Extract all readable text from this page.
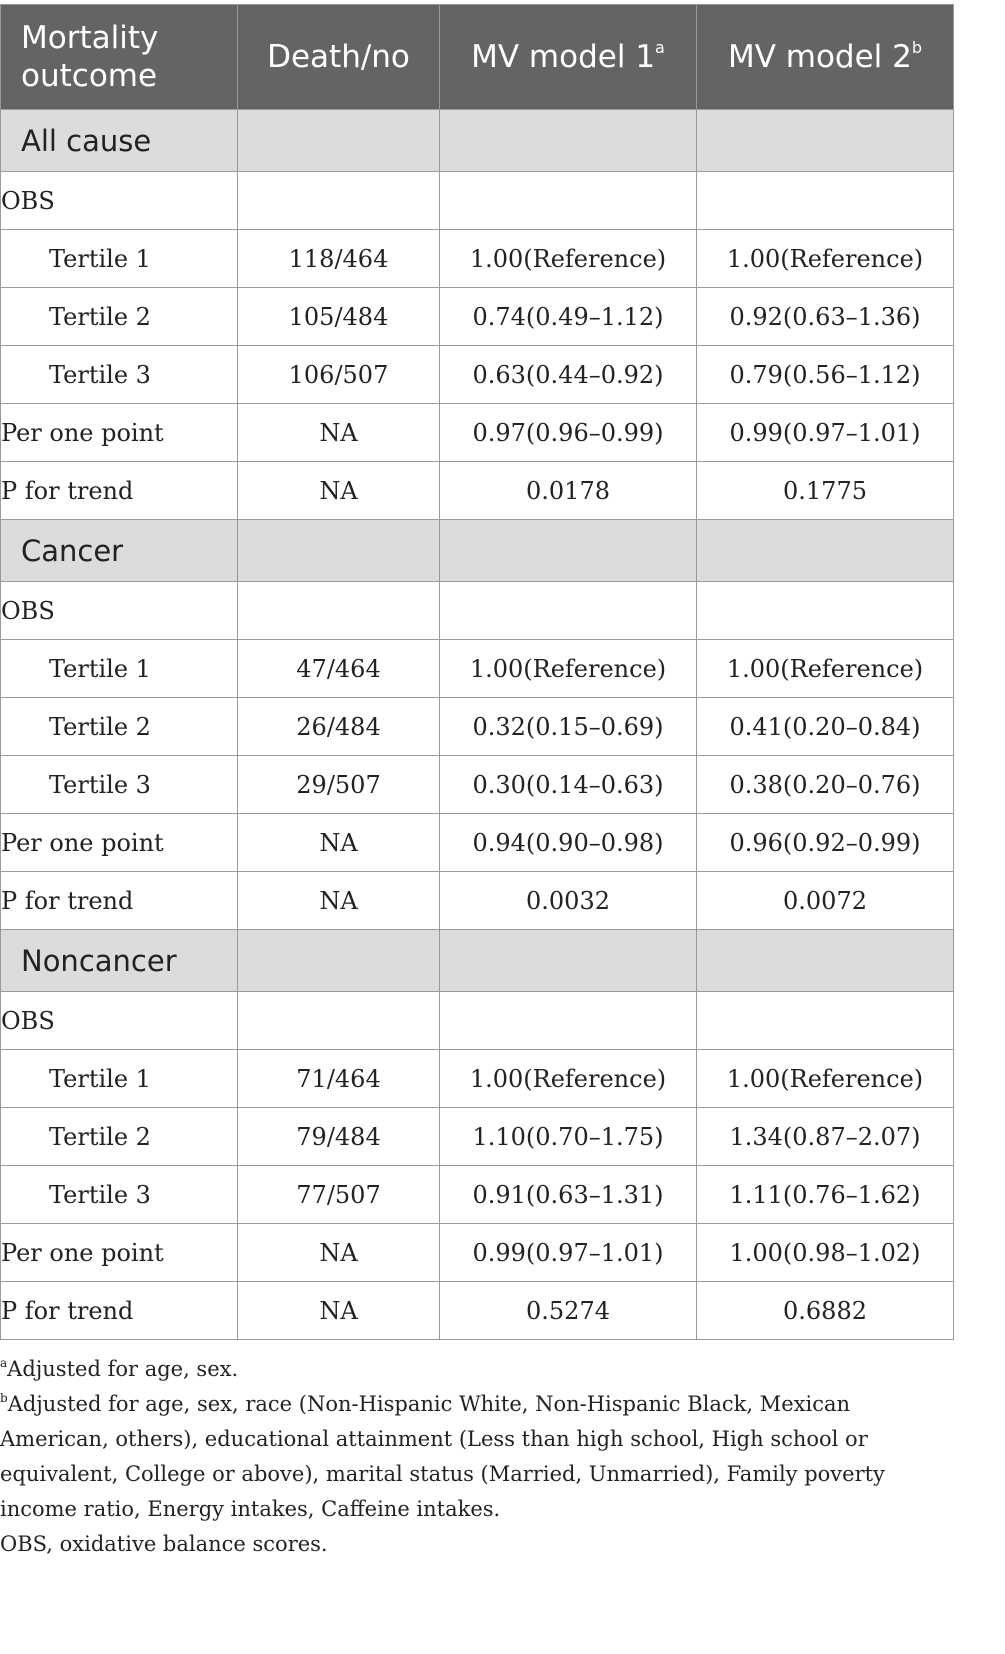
Mortality outcome	Death/no	MV model 1$^a$	MV model 2$^b$
All cause			
OBS			
Tertile 1	118/464	1.00(Reference)	1.00(Reference)
Tertile 2	105/484	0.74(0.49–1.12)	0.92(0.63–1.36)
Tertile 3	106/507	0.63(0.44–0.92)	0.79(0.56–1.12)
Per one point	NA	0.97(0.96–0.99)	0.99(0.97–1.01)
P for trend	NA	0.0178	0.1775
Cancer			
OBS			
Tertile 1	47/464	1.00(Reference)	1.00(Reference)
Tertile 2	26/484	0.32(0.15–0.69)	0.41(0.20–0.84)
Tertile 3	29/507	0.30(0.14–0.63)	0.38(0.20–0.76)
Per one point	NA	0.94(0.90–0.98)	0.96(0.92–0.99)
P for trend	NA	0.0032	0.0072
Noncancer			
OBS			
Tertile 1	71/464	1.00(Reference)	1.00(Reference)
Tertile 2	79/484	1.10(0.70–1.75)	1.34(0.87–2.07)
Tertile 3	77/507	0.91(0.63–1.31)	1.11(0.76–1.62)
Per one point	NA	0.99(0.97–1.01)	1.00(0.98–1.02)
P for trend	NA	0.5274	0.6882

$^a$Adjusted for age, sex.

$^b$Adjusted for age, sex, race (Non-Hispanic White, Non-Hispanic Black, Mexican American, others), educational attainment (Less than high school, High school or equivalent, College or above), marital status (Married, Unmarried), Family poverty income ratio, Energy intakes, Caffeine intakes.

OBS, oxidative balance scores.
